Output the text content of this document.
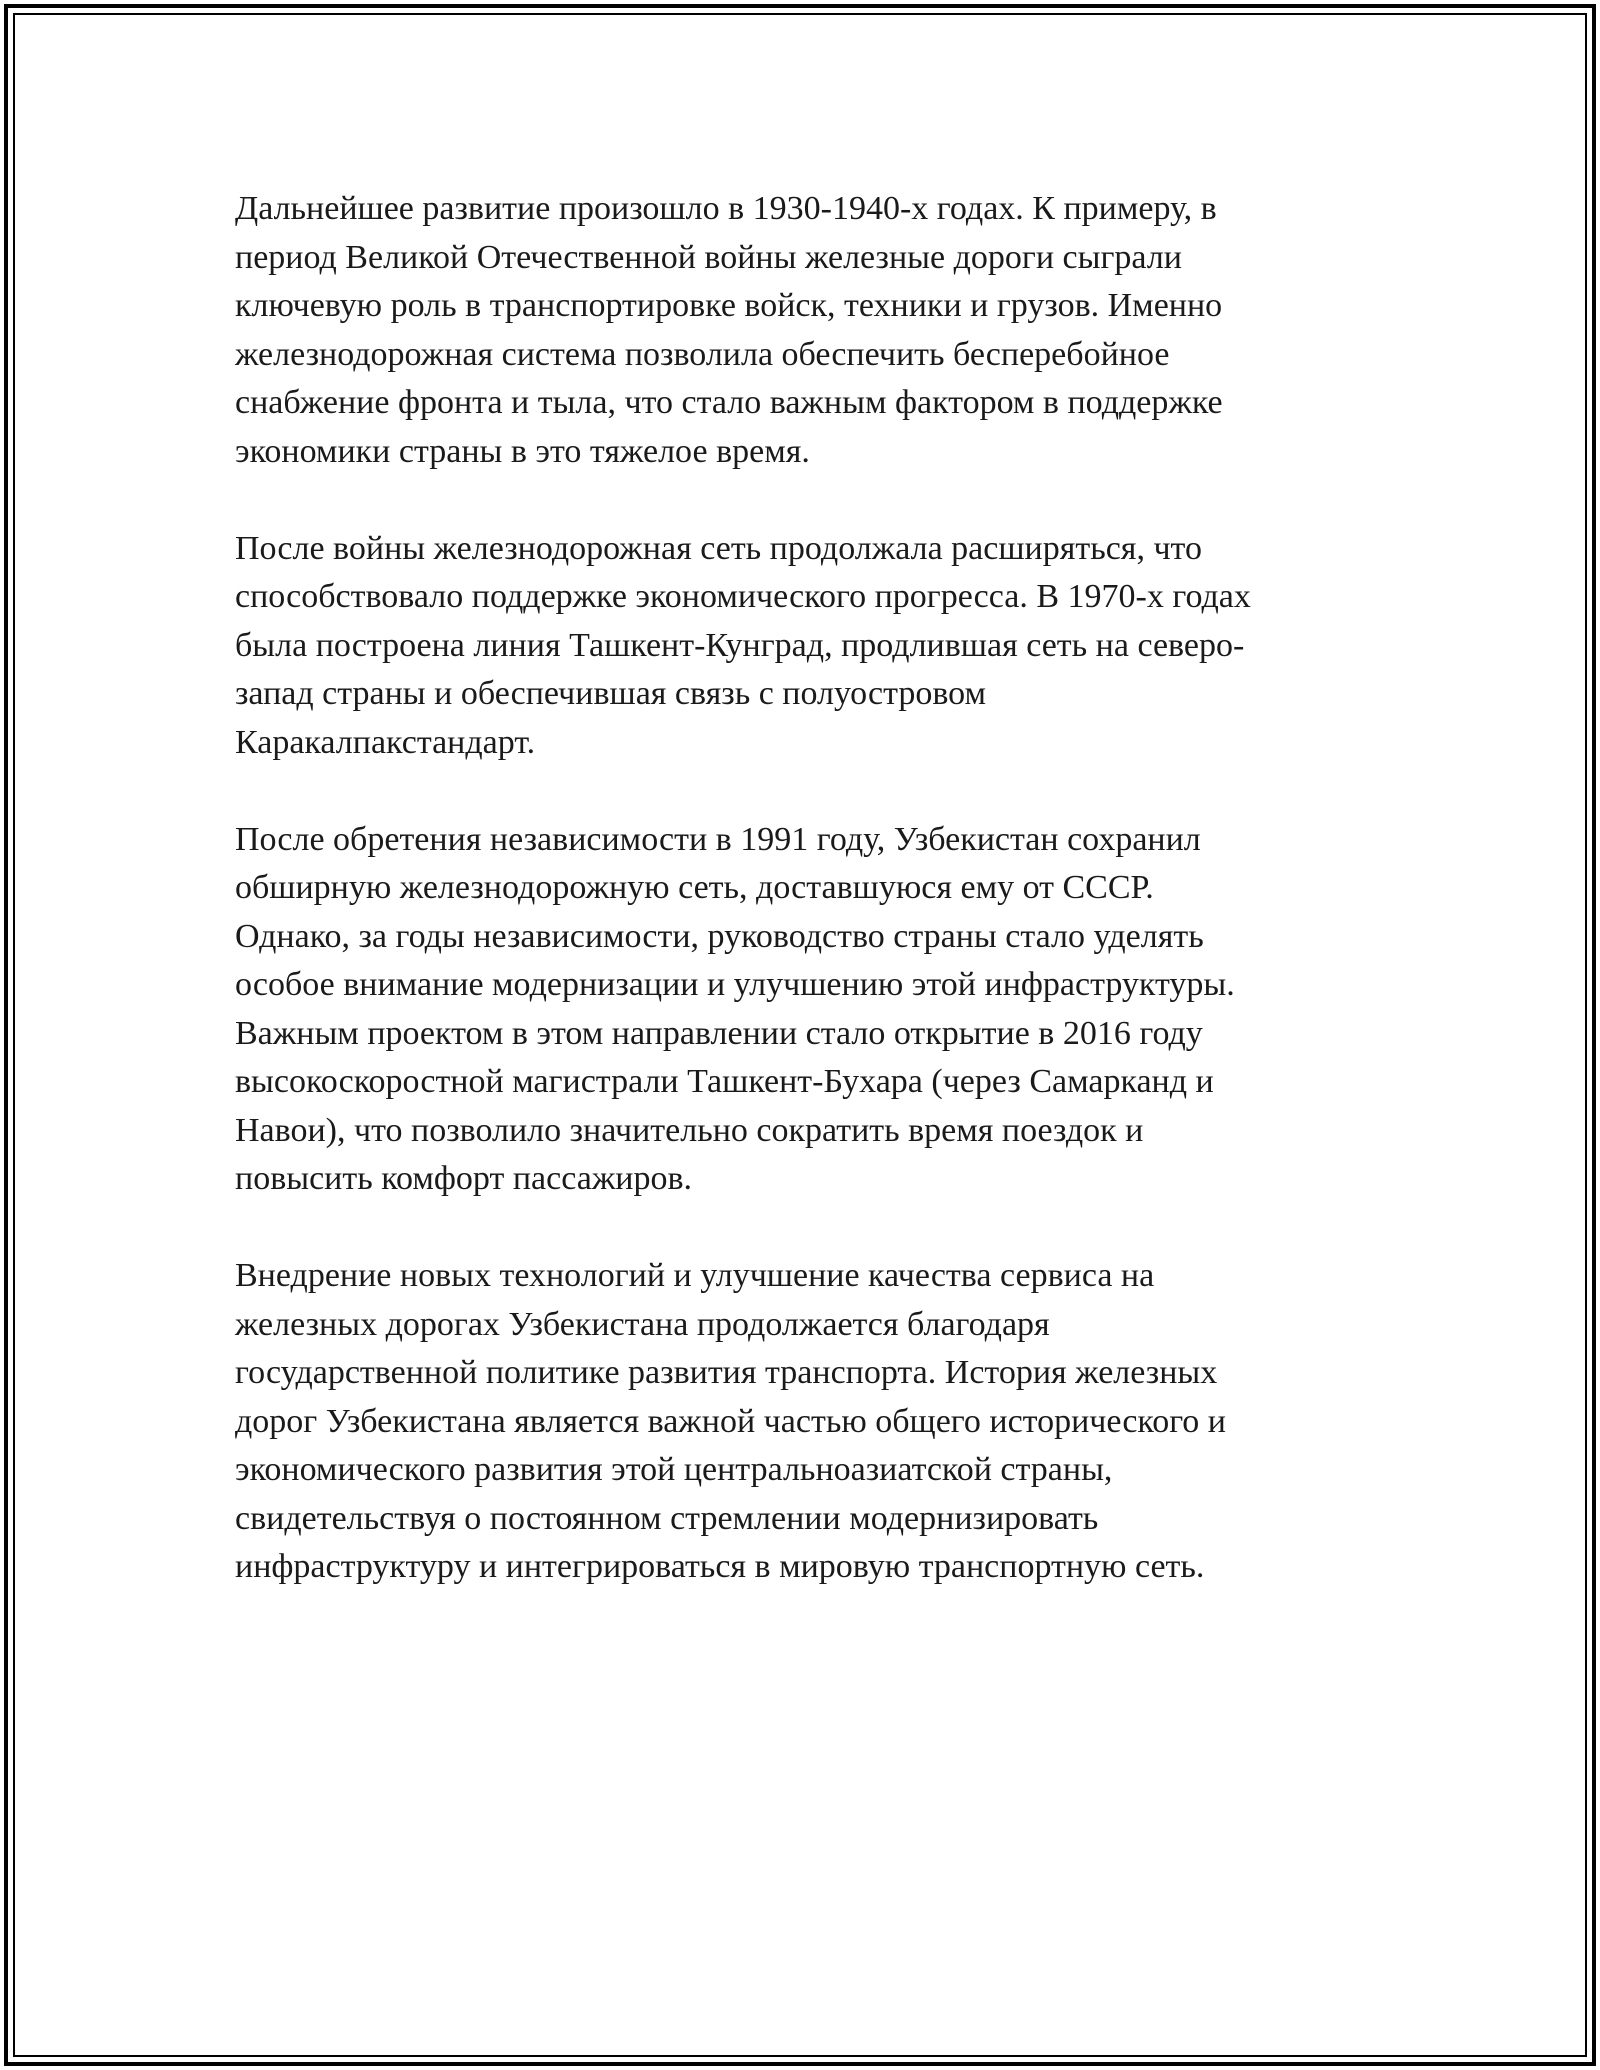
Дальнейшее развитие произошло в 1930-1940-х годах. К примеру, в
период Великой Отечественной войны железные дороги сыграли
ключевую роль в транспортировке войск, техники и грузов. Именно
железнодорожная система позволила обеспечить бесперебойное
снабжение фронта и тыла, что стало важным фактором в поддержке
экономики страны в это тяжелое время.

После войны железнодорожная сеть продолжала расширяться, что
способствовало поддержке экономического прогресса. В 1970-х годах
была построена линия Ташкент-Кунград, продлившая сеть на северо-
запад страны и обеспечившая связь с полуостровом
Каракалпакстандарт.

После обретения независимости в 1991 году, Узбекистан сохранил
обширную железнодорожную сеть, доставшуюся ему от СССР.
Однако, за годы независимости, руководство страны стало уделять
особое внимание модернизации и улучшению этой инфраструктуры.
Важным проектом в этом направлении стало открытие в 2016 году
высокоскоростной магистрали Ташкент-Бухара (через Самарканд и
Навои), что позволило значительно сократить время поездок и
повысить комфорт пассажиров.

Внедрение новых технологий и улучшение качества сервиса на
железных дорогах Узбекистана продолжается благодаря
государственной политике развития транспорта. История железных
дорог Узбекистана является важной частью общего исторического и
экономического развития этой центральноазиатской страны,
свидетельствуя о постоянном стремлении модернизировать
инфраструктуру и интегрироваться в мировую транспортную сеть.
